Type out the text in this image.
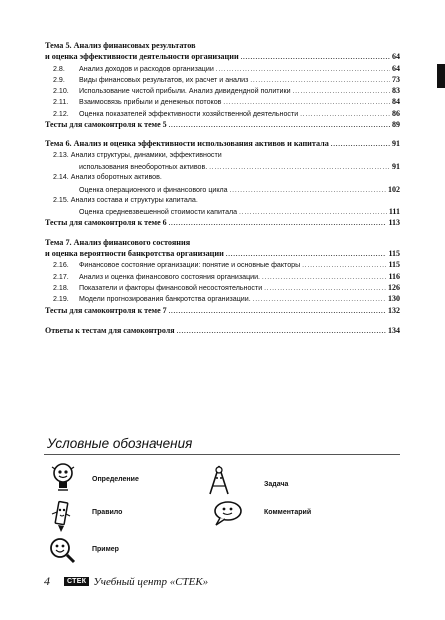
Тема 5. Анализ финансовых результатов
и оценка эффективности деятельности организации .....	64
2.8.	Анализ доходов и расходов организации .....	64
2.9.	Виды финансовых результатов, их расчет и анализ .....	73
2.10.	Использование чистой прибыли. Анализ дивидендной политики .....	83
2.11.	Взаимосвязь прибыли и денежных потоков .....	84
2.12.	Оценка показателей эффективности хозяйственной деятельности .....	86
Тесты для самоконтроля к теме 5 .....	89
Тема 6. Анализ и оценка эффективности использования активов и капитала .....	91
2.13. Анализ структуры, динамики, эффективности
использования внеоборотных активов. .....	91
2.14. Анализ оборотных активов.
Оценка операционного и финансового цикла .....	102
2.15. Анализ состава и структуры капитала.
Оценка средневзвешенной стоимости капитала .....	111
Тесты для самоконтроля к теме 6 .....	113
Тема 7. Анализ финансового состояния
и оценка вероятности банкротства организации .....	115
2.16.	Финансовое состояние организации: понятие и основные факторы .....	115
2.17.	Анализ и оценка финансового состояния организации. .....	116
2.18.	Показатели и факторы финансовой несостоятельности .....	126
2.19.	Модели прогнозирования банкротства организации. .....	130
Тесты для самоконтроля к теме 7 .....	132
Ответы к тестам для самоконтроля .....	134
Условные обозначения
Определение
Правило
Пример
Задача
Комментарий
4	СТЕК Учебный центр «СТЕК»
